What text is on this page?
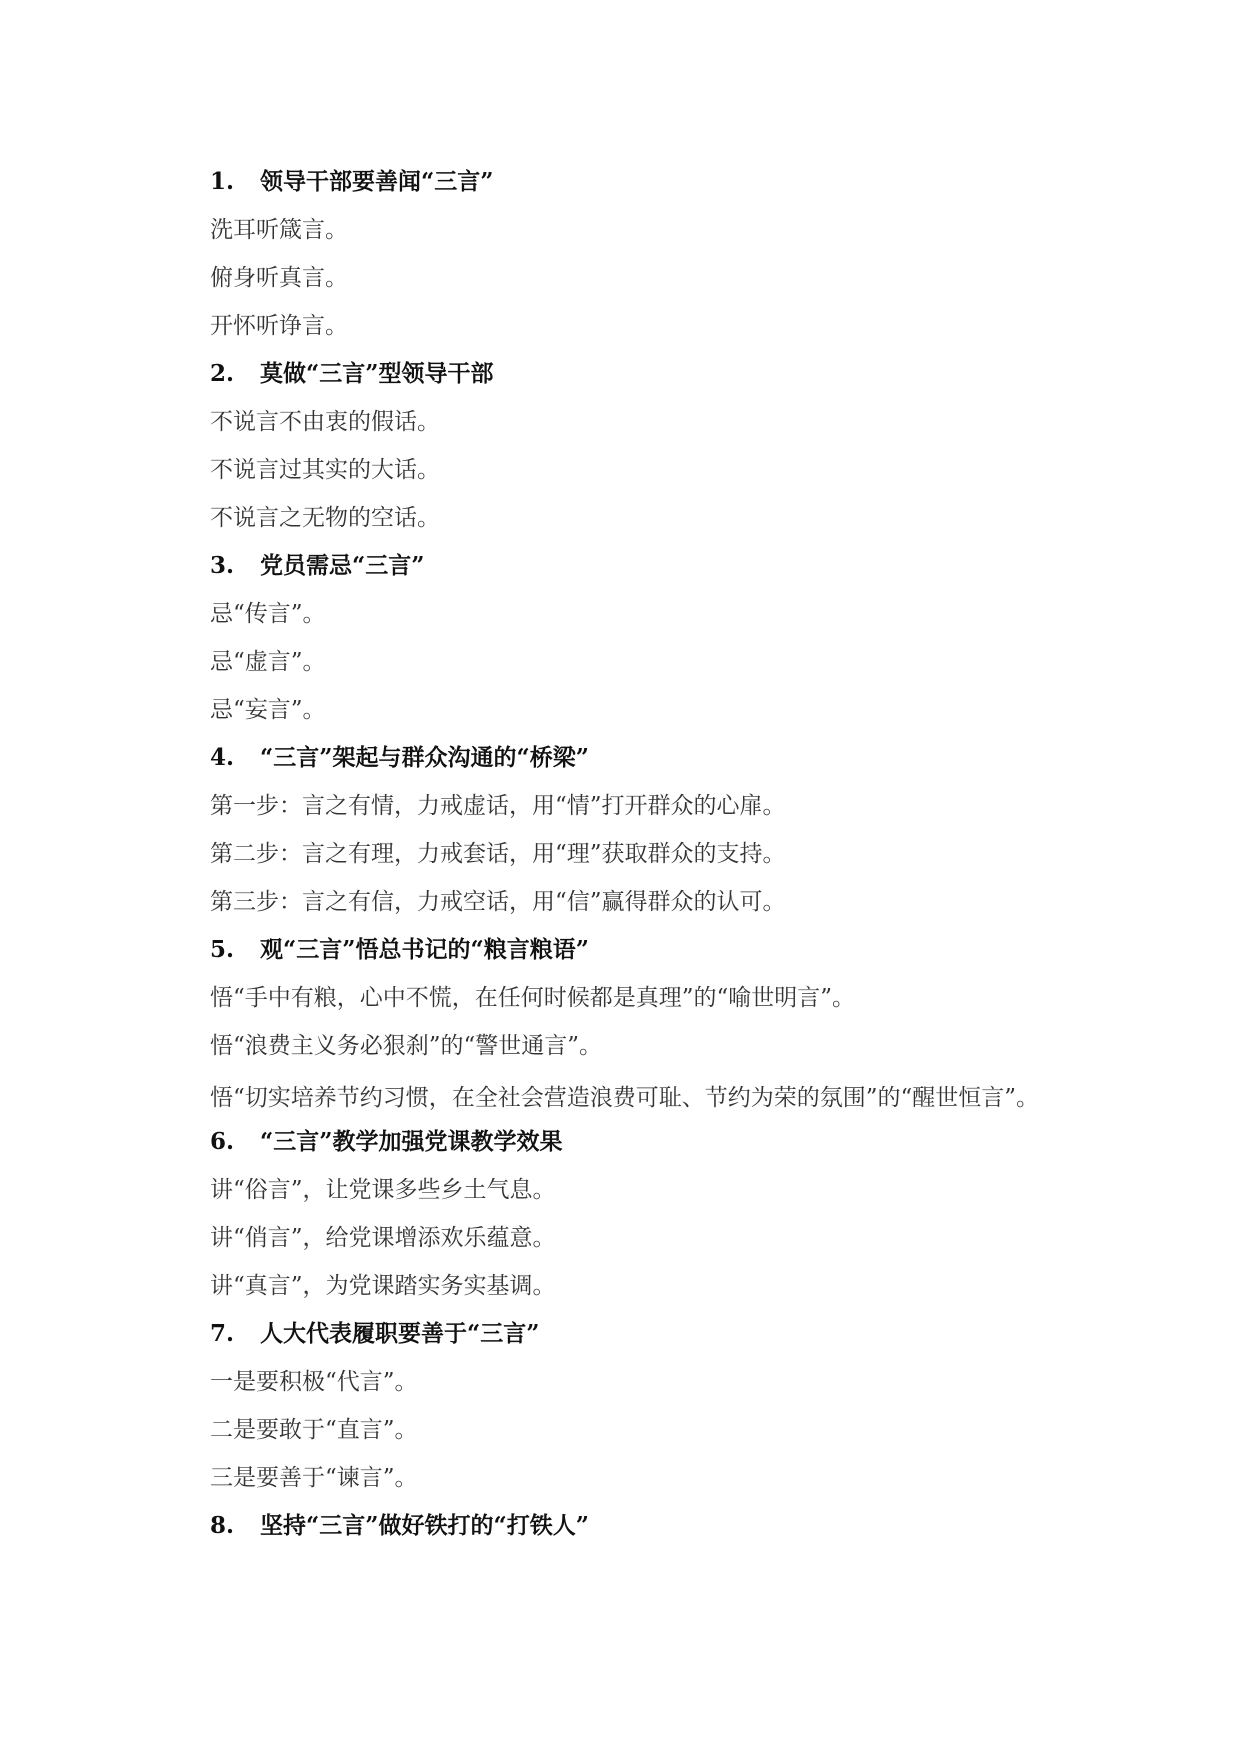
1. 领导干部要善闻“三言”
洗耳听箴言。
俯身听真言。
开怀听诤言。
2. 莫做“三言”型领导干部
不说言不由衷的假话。
不说言过其实的大话。
不说言之无物的空话。
3. 党员需忌“三言”
忌“传言”。
忌“虚言”。
忌“妄言”。
4. “三言”架起与群众沟通的“桥梁”
第一步：言之有情，力戒虚话，用“情”打开群众的心扉。
第二步：言之有理，力戒套话，用“理”获取群众的支持。
第三步：言之有信，力戒空话，用“信”赢得群众的认可。
5. 观“三言”悟总书记的“粮言粮语”
悟“手中有粮，心中不慌，在任何时候都是真理”的“喻世明言”。
悟“浪费主义务必狠刹”的“警世通言”。
悟“切实培养节约习惯，在全社会营造浪费可耻、节约为荣的氛围”的“醒世恒言”。
6. “三言”教学加强党课教学效果
讲“俗言”，让党课多些乡土气息。
讲“俏言”，给党课增添欢乐蕴意。
讲“真言”，为党课踏实务实基调。
7. 人大代表履职要善于“三言”
一是要积极“代言”。
二是要敢于“直言”。
三是要善于“谏言”。
8. 坚持“三言”做好铁打的“打铁人”
